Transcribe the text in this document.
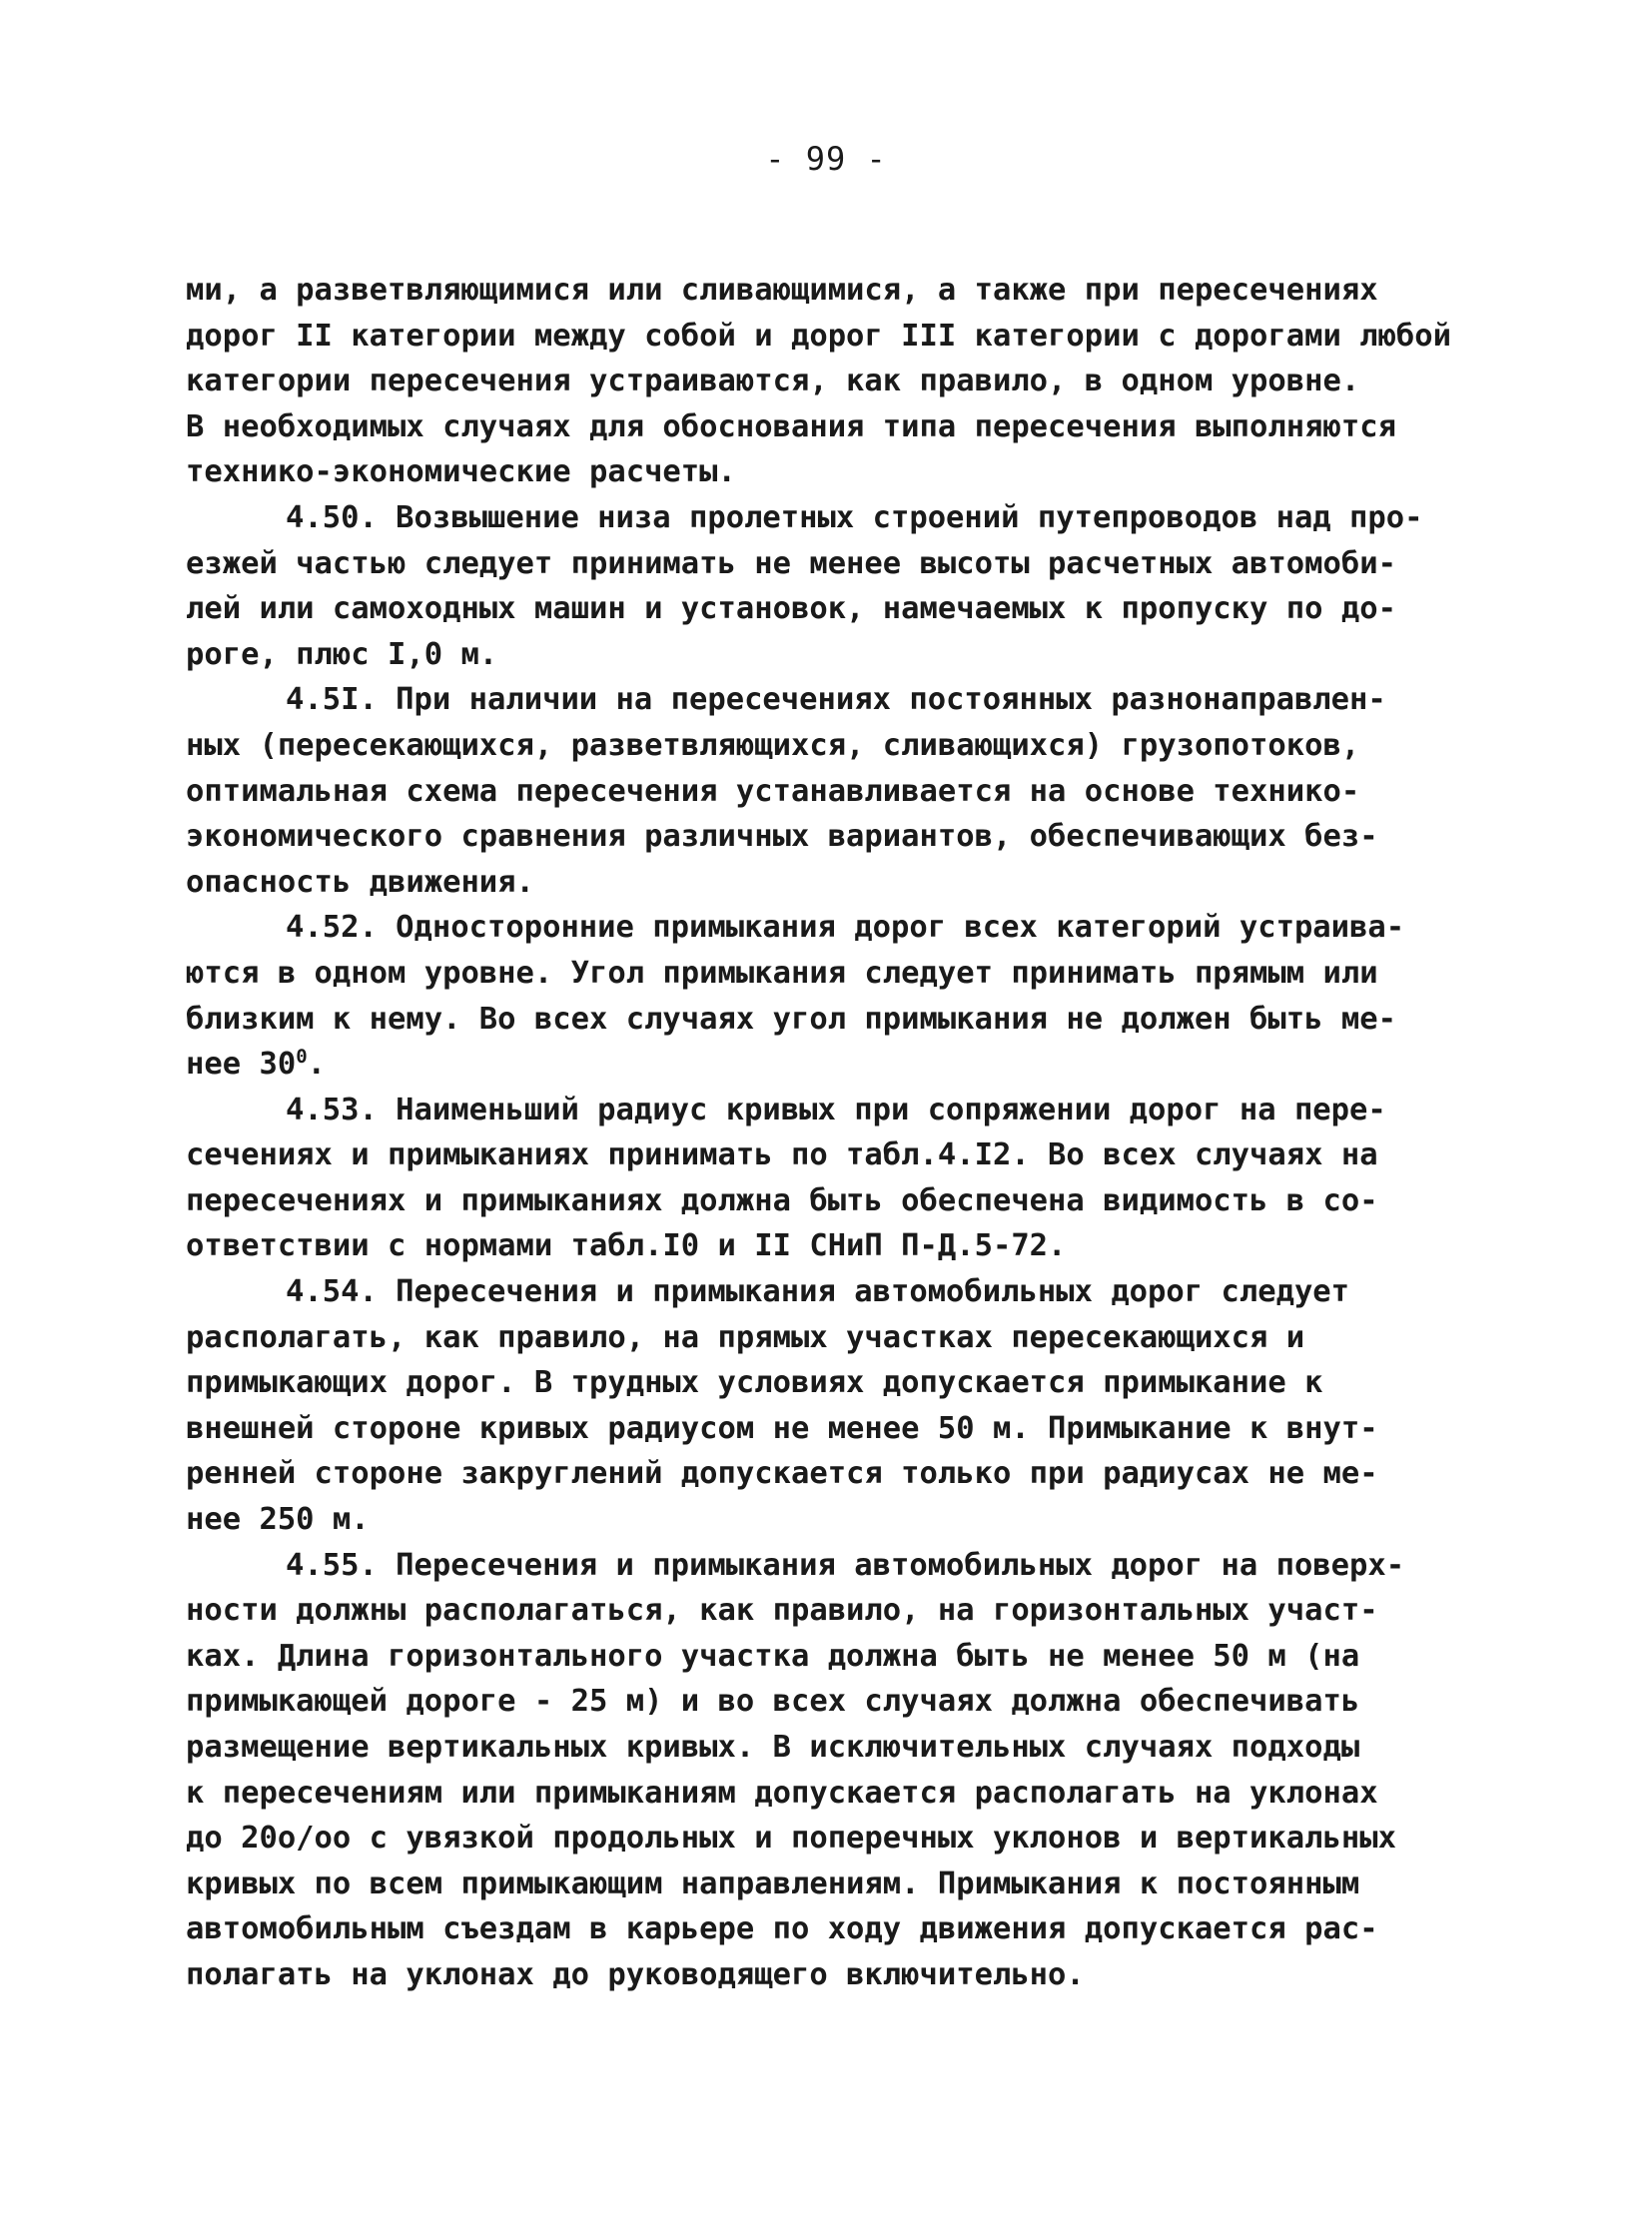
- 99 -
ми, а разветвляющимися или сливающимися, а также при пересечениях
дорог II категории между собой и дорог III категории с дорогами любой
категории пересечения устраиваются, как правило, в одном уровне.
В необходимых случаях для обоснования типа пересечения выполняются
технико-экономические расчеты.
4.50. Возвышение низа пролетных строений путепроводов над про-
езжей частью следует принимать не менее высоты расчетных автомоби-
лей или самоходных машин и установок, намечаемых к пропуску по до-
роге, плюс I,0 м.
4.5I. При наличии на пересечениях постоянных разнонаправлен-
ных (пересекающихся, разветвляющихся, сливающихся) грузопотоков,
оптимальная схема пересечения устанавливается на основе технико-
экономического сравнения различных вариантов, обеспечивающих без-
опасность движения.
4.52. Односторонние примыкания дорог всех категорий устраива-
ются в одном уровне. Угол примыкания следует принимать прямым или
близким к нему. Во всех случаях угол примыкания не должен быть ме-
нее $30^0$.
4.53. Наименьший радиус кривых при сопряжении дорог на пере-
сечениях и примыканиях принимать по табл.4.I2. Во всех случаях на
пересечениях и примыканиях должна быть обеспечена видимость в со-
ответствии с нормами табл.I0 и II СНиП П-Д.5-72.
4.54. Пересечения и примыкания автомобильных дорог следует
располагать, как правило, на прямых участках пересекающихся и
примыкающих дорог. В трудных условиях допускается примыкание к
внешней стороне кривых радиусом не менее 50 м. Примыкание к внут-
ренней стороне закруглений допускается только при радиусах не ме-
нее 250 м.
4.55. Пересечения и примыкания автомобильных дорог на поверх-
ности должны располагаться, как правило, на горизонтальных участ-
ках. Длина горизонтального участка должна быть не менее 50 м (на
примыкающей дороге - 25 м) и во всех случаях должна обеспечивать
размещение вертикальных кривых. В исключительных случаях подходы
к пересечениям или примыканиям допускается располагать на уклонах
до 20о/оо с увязкой продольных и поперечных уклонов и вертикальных
кривых по всем примыкающим направлениям. Примыкания к постоянным
автомобильным съездам в карьере по ходу движения допускается рас-
полагать на уклонах до руководящего включительно.
